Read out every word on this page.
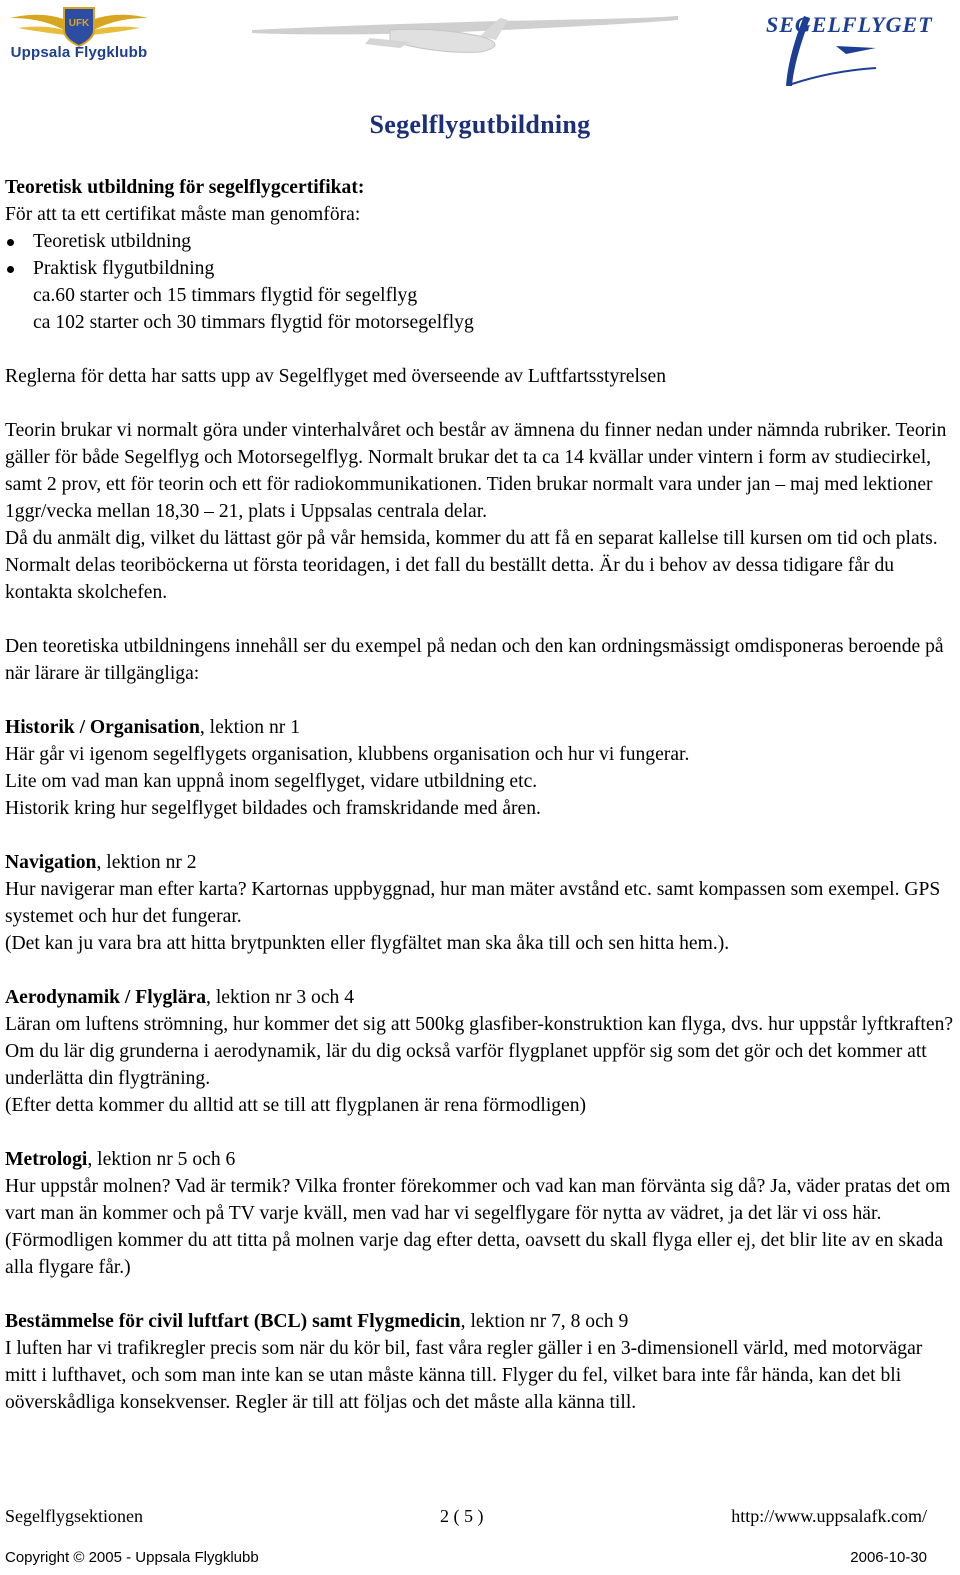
UFK
Uppsala Flygklubb
SEGELFLYGET
Segelflygutbildning

Teoretisk utbildning för segelflygcertifikat:

För att ta ett certifikat måste man genomföra:

Teoretisk utbildning
Praktisk flygutbildning

ca.60 starter och 15 timmars flygtid för segelflyg

ca 102 starter och 30 timmars flygtid för motorsegelflyg

Reglerna för detta har satts upp av Segelflyget med överseende av Luftfartsstyrelsen

Teorin brukar vi normalt göra under vinterhalvåret och består av ämnena du finner nedan under nämnda rubriker. Teorin gäller för både Segelflyg och Motorsegelflyg. Normalt brukar det ta ca 14 kvällar under vintern i form av studiecirkel, samt 2 prov, ett för teorin och ett för radiokommunikationen. Tiden brukar normalt vara under jan – maj med lektioner 1ggr/vecka mellan 18,30 – 21, plats i Uppsalas centrala delar.

Då du anmält dig, vilket du lättast gör på vår hemsida, kommer du att få en separat kallelse till kursen om tid och plats. Normalt delas teoriböckerna ut första teoridagen, i det fall du beställt detta. Är du i behov av dessa tidigare får du kontakta skolchefen.

Den teoretiska utbildningens innehåll ser du exempel på nedan och den kan ordningsmässigt omdisponeras beroende på när lärare är tillgängliga:

Historik / Organisation, lektion nr 1

Här går vi igenom segelflygets organisation, klubbens organisation och hur vi fungerar.

Lite om vad man kan uppnå inom segelflyget, vidare utbildning etc.

Historik kring hur segelflyget bildades och framskridande med åren.

Navigation, lektion nr 2

Hur navigerar man efter karta? Kartornas uppbyggnad, hur man mäter avstånd etc. samt kompassen som exempel. GPS systemet och hur det fungerar.

(Det kan ju vara bra att hitta brytpunkten eller flygfältet man ska åka till och sen hitta hem.).

Aerodynamik / Flyglära, lektion nr 3 och 4

Läran om luftens strömning, hur kommer det sig att 500kg glasfiber-konstruktion kan flyga, dvs. hur uppstår lyftkraften? Om du lär dig grunderna i aerodynamik, lär du dig också varför flygplanet uppför sig som det gör och det kommer att underlätta din flygträning.

(Efter detta kommer du alltid att se till att flygplanen är rena förmodligen)

Metrologi, lektion nr 5 och 6

Hur uppstår molnen? Vad är termik? Vilka fronter förekommer och vad kan man förvänta sig då? Ja, väder pratas det om vart man än kommer och på TV varje kväll, men vad har vi segelflygare för nytta av vädret, ja det lär vi oss här.

(Förmodligen kommer du att titta på molnen varje dag efter detta, oavsett du skall flyga eller ej, det blir lite av en skada alla flygare får.)

Bestämmelse för civil luftfart (BCL) samt Flygmedicin, lektion nr 7, 8 och 9

I luften har vi trafikregler precis som när du kör bil, fast våra regler gäller i en 3-dimensionell värld, med motorvägar mitt i lufthavet, och som man inte kan se utan måste känna till. Flyger du fel, vilket bara inte får hända, kan det bli oöverskådliga konsekvenser. Regler är till att följas och det måste alla känna till.

Segelflygsektionen	2 ( 5 )	http://www.uppsalafk.com/
Copyright © 2005 - Uppsala Flygklubb	2006-10-30
